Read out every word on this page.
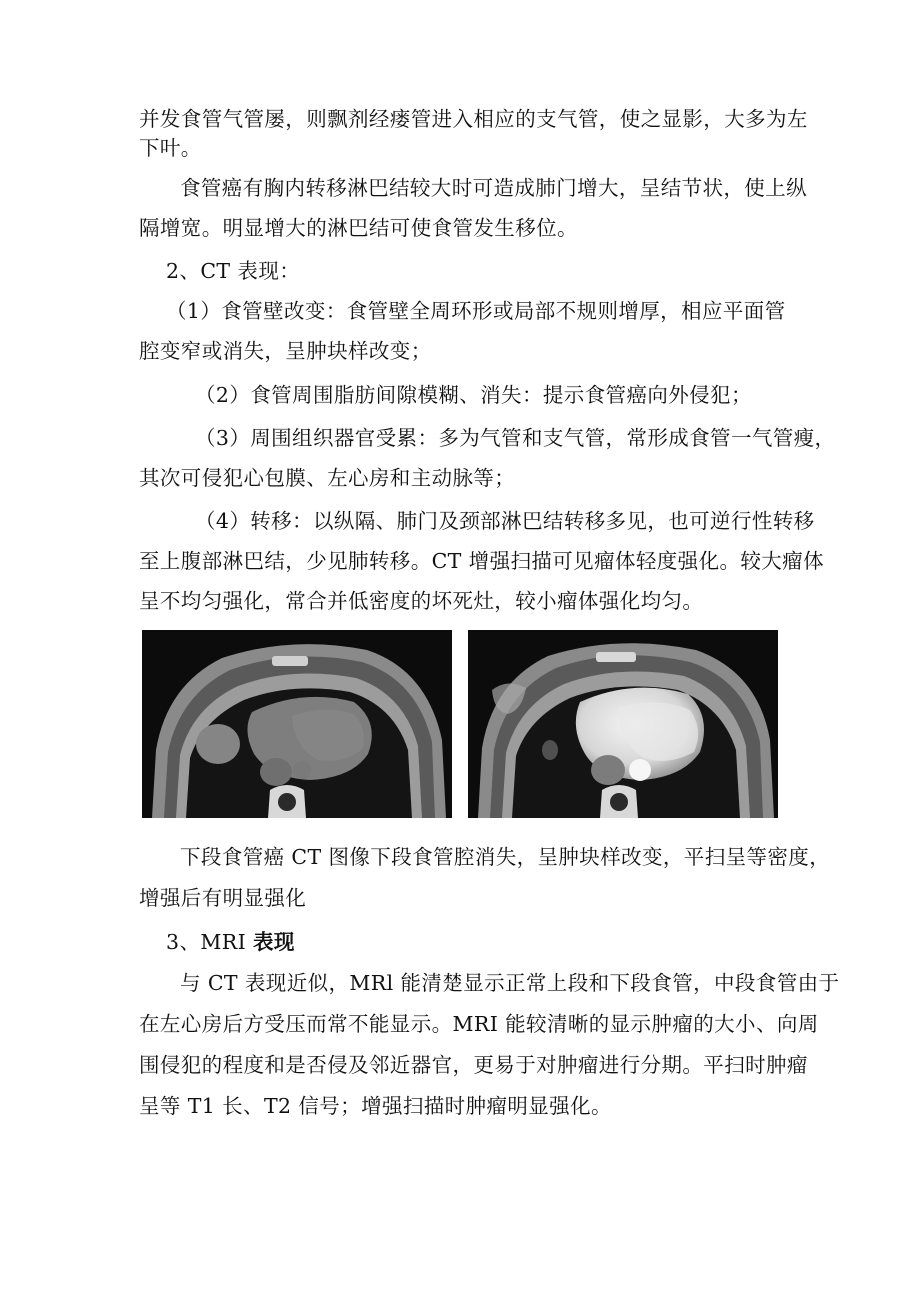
并发食管气管屡，则飘剂经瘘管进入相应的支气管，使之显影，大多为左
下叶。
食管癌有胸内转移淋巴结较大时可造成肺门增大，呈结节状，使上纵
隔增宽。明显增大的淋巴结可使食管发生移位。
2、CT 表现：
（1）食管壁改变：食管壁全周环形或局部不规则增厚，相应平面管
腔变窄或消失，呈肿块样改变；
（2）食管周围脂肪间隙模糊、消失：提示食管癌向外侵犯；
（3）周围组织器官受累：多为气管和支气管，常形成食管一气管瘦，
其次可侵犯心包膜、左心房和主动脉等；
（4）转移：以纵隔、肺门及颈部淋巴结转移多见，也可逆行性转移
至上腹部淋巴结，少见肺转移。CT 增强扫描可见瘤体轻度强化。较大瘤体
呈不均匀强化，常合并低密度的坏死灶，较小瘤体强化均匀。
下段食管癌 CT 图像下段食管腔消失，呈肿块样改变，平扫呈等密度，
增强后有明显强化
3、MRI 表现
与 CT 表现近似，MRl 能清楚显示正常上段和下段食管，中段食管由于
在左心房后方受压而常不能显示。MRI 能较清晰的显示肿瘤的大小、向周
围侵犯的程度和是否侵及邻近器官，更易于对肿瘤进行分期。平扫时肿瘤
呈等 T1 长、T2 信号；增强扫描时肿瘤明显强化。
